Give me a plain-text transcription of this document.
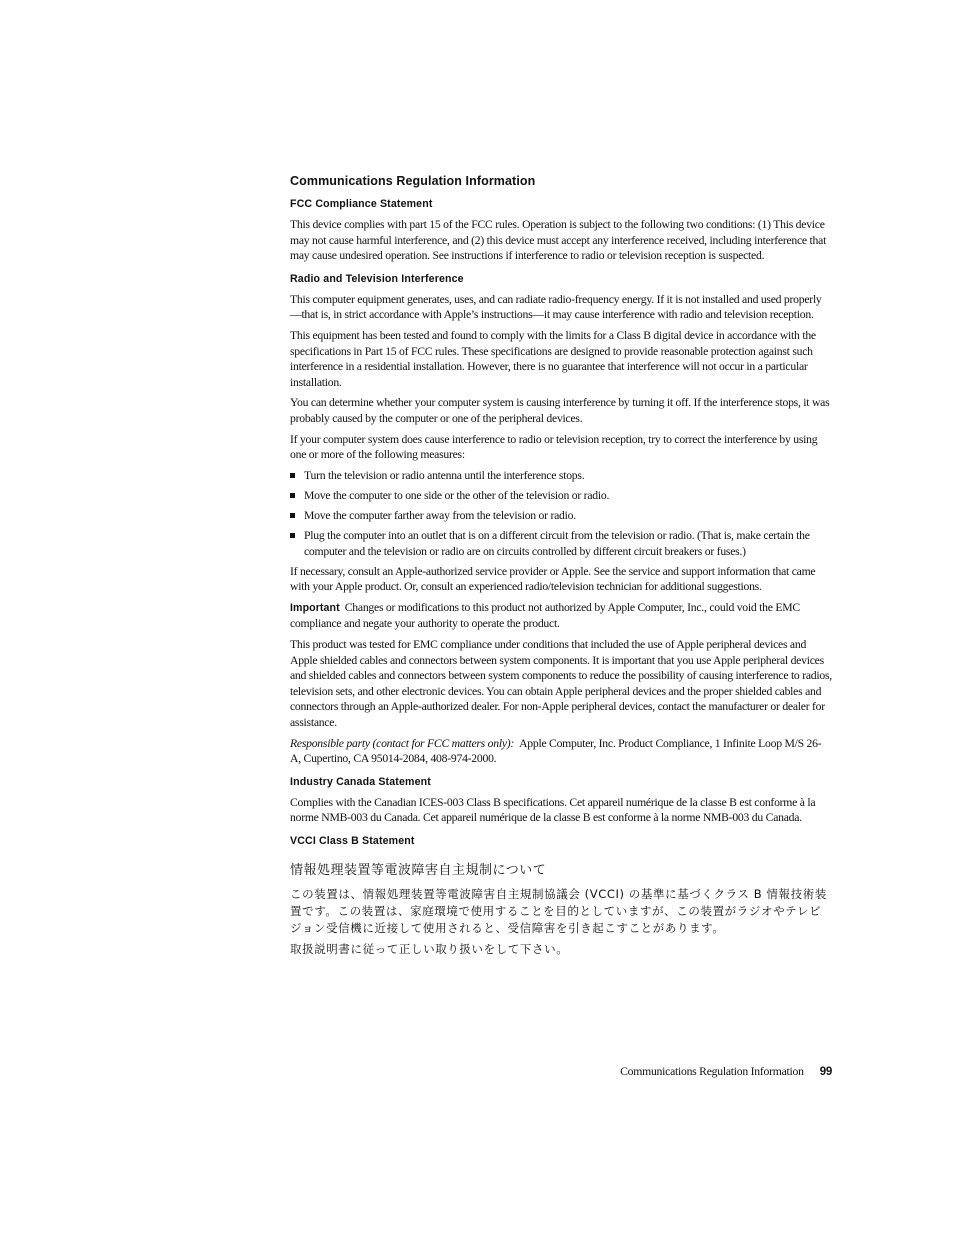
Communications Regulation Information
FCC Compliance Statement

This device complies with part 15 of the FCC rules. Operation is subject to the following two conditions: (1) This device may not cause harmful interference, and (2) this device must accept any interference received, including interference that may cause undesired operation. See instructions if interference to radio or television reception is suspected.

Radio and Television Interference

This computer equipment generates, uses, and can radiate radio-frequency energy. If it is not installed and used properly—that is, in strict accordance with Apple’s instructions—it may cause interference with radio and television reception.

This equipment has been tested and found to comply with the limits for a Class B digital device in accordance with the specifications in Part 15 of FCC rules. These specifications are designed to provide reasonable protection against such interference in a residential installation. However, there is no guarantee that interference will not occur in a particular installation.

You can determine whether your computer system is causing interference by turning it off. If the interference stops, it was probably caused by the computer or one of the peripheral devices.

If your computer system does cause interference to radio or television reception, try to correct the interference by using one or more of the following measures:

Turn the television or radio antenna until the interference stops.
Move the computer to one side or the other of the television or radio.
Move the computer farther away from the television or radio.
Plug the computer into an outlet that is on a different circuit from the television or radio. (That is, make certain the computer and the television or radio are on circuits controlled by different circuit breakers or fuses.)

If necessary, consult an Apple-authorized service provider or Apple. See the service and support information that came with your Apple product. Or, consult an experienced radio/television technician for additional suggestions.

Important Changes or modifications to this product not authorized by Apple Computer, Inc., could void the EMC compliance and negate your authority to operate the product.

This product was tested for EMC compliance under conditions that included the use of Apple peripheral devices and Apple shielded cables and connectors between system components. It is important that you use Apple peripheral devices and shielded cables and connectors between system components to reduce the possibility of causing interference to radios, television sets, and other electronic devices. You can obtain Apple peripheral devices and the proper shielded cables and connectors through an Apple-authorized dealer. For non-Apple peripheral devices, contact the manufacturer or dealer for assistance.

Responsible party (contact for FCC matters only): Apple Computer, Inc. Product Compliance, 1 Infinite Loop M/S 26-A, Cupertino, CA 95014-2084, 408-974-2000.

Industry Canada Statement

Complies with the Canadian ICES-003 Class B specifications. Cet appareil numérique de la classe B est conforme à la norme NMB-003 du Canada. Cet appareil numérique de la classe B est conforme à la norme NMB-003 du Canada.

VCCI Class B Statement
情報処理装置等電波障害自主規制について

この装置は、情報処理装置等電波障害自主規制協議会 (VCCI) の基準に基づくクラス B 情報技術装置です。この装置は、家庭環境で使用することを目的としていますが、この装置がラジオやテレビジョン受信機に近接して使用されると、受信障害を引き起こすことがあります。

取扱説明書に従って正しい取り扱いをして下さい。

Communications Regulation Information 99
